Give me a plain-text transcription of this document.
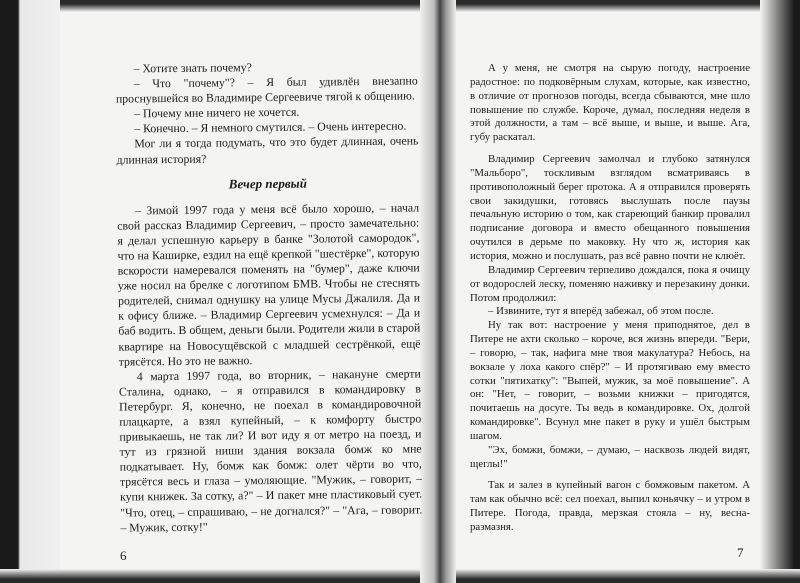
– Хотите знать почему?

– Что "почему"? – Я был удивлён внезапно проснувшейся во Владимире Сергеевиче тягой к общению.

– Почему мне ничего не хочется.

– Конечно. – Я немного смутился. – Очень интересно.

Мог ли я тогда подумать, что это будет длинная, очень длинная история?

Вечер первый

– Зимой 1997 года у меня всё было хорошо, – начал свой рассказ Владимир Сергеевич, – просто замечательно: я делал успешную карьеру в банке "Золотой самородок", что на Каширке, ездил на ещё крепкой "шестёрке", которую вскорости намеревался поменять на "бумер", даже ключи уже носил на брелке с логотипом БМВ. Чтобы не стеснять родителей, снимал однушку на улице Мусы Джалиля. Да и к офису ближе. – Владимир Сергеевич усмехнулся: – Да и баб водить. В общем, деньги были. Родители жили в старой квартире на Новосущёвской с младшей сестрёнкой, ещё трясётся. Но это не важно.

4 марта 1997 года, во вторник, – накануне смерти Сталина, однако, – я отправился в командировку в Петербург. Я, конечно, не поехал в командировочной плацкарте, а взял купейный, – к комфорту быстро привыкаешь, не так ли? И вот иду я от метро на поезд, и тут из грязной ниши здания вокзала бомж ко мне подкатывает. Ну, бомж как бомж: олет чёрти во что, трясётся весь и глаза – умоляющие. "Мужик, – говорит, – купи книжек. За сотку, а?" – И пакет мне пластиковый сует. "Что, отец, – спрашиваю, – не догнался?" – "Ага, – говорит. – Мужик, сотку!"

6

А у меня, не смотря на сырую погоду, настроение радостное: по подковёрным слухам, которые, как известно, в отличие от прогнозов погоды, всегда сбываются, мне шло повышение по службе. Короче, думал, последняя неделя в этой должности, а там – всё выше, и выше, и выше. Ага, губу раскатал.

Владимир Сергеевич замолчал и глубоко затянулся "Мальборо", тоскливым взглядом всматриваясь в противоположный берег протока. А я отправился проверять свои закидушки, готовясь выслушать после паузы печальную историю о том, как стареющий банкир провалил подписание договора и вместо обещанного повышения очутился в дерьме по маковку. Ну что ж, история как история, можно и послушать, раз всё равно почти не клюёт.

Владимир Сергеевич терпеливо дождался, пока я очищу от водорослей леску, поменяю наживку и перезакину донки. Потом продолжил:

– Извините, тут я вперёд забежал, об этом после.

Ну так вот: настроение у меня приподнятое, дел в Питере не ахти сколько – короче, вся жизнь впереди. "Бери, – говорю, – так, нафига мне твоя макулатура? Небось, на вокзале у лоха какого спёр?" – И протягиваю ему вместо сотки "пятихатку": "Выпей, мужик, за моё повышение". А он: "Нет, – говорит, – возьми книжки – пригодятся, почитаешь на досуге. Ты ведь в командировке. Ох, долгой командировке". Всунул мне пакет в руку и ушёл быстрым шагом.

"Эх, бомжи, бомжи, – думаю, – насквозь людей видят, щеглы!"

Так и залез в купейный вагон с бомжовым пакетом. А там как обычно всё: сел поехал, выпил коньячку – и утром в Питере. Погода, правда, мерзкая стояла – ну, весна-размазня.

7
